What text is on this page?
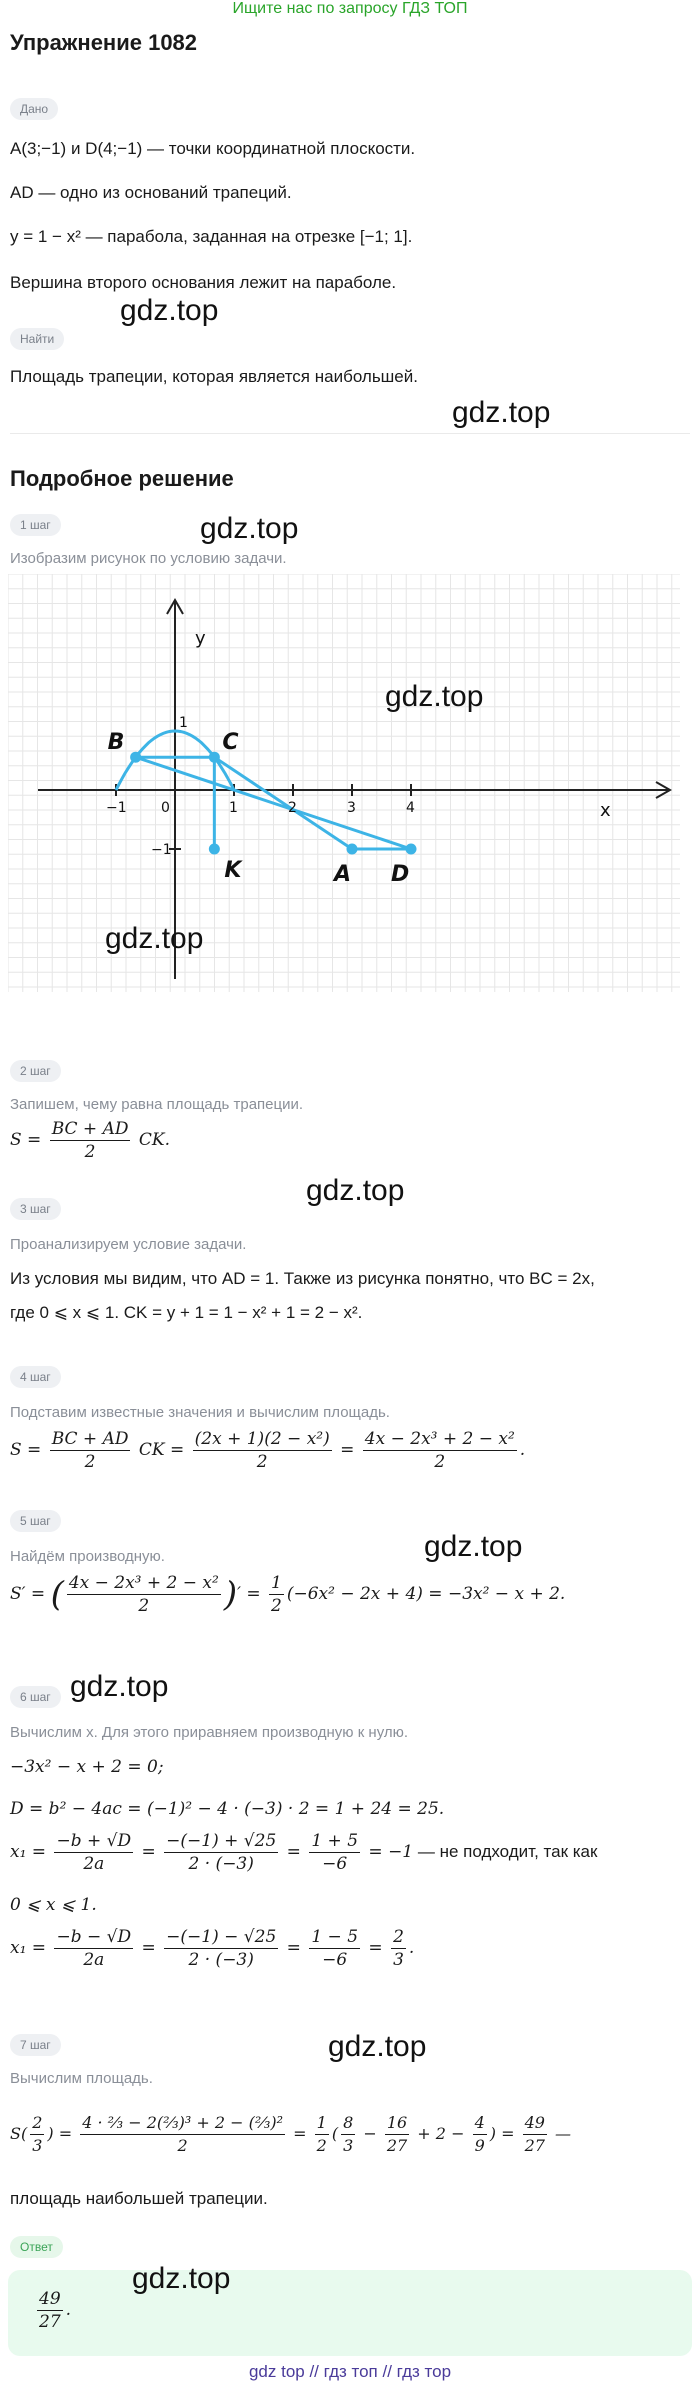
Ищите нас по запросу ГДЗ ТОП
Упражнение 1082
Дано
A(3;−1) и D(4;−1) — точки координатной плоскости.
AD — одно из оснований трапеций.
y = 1 − x² — парабола, заданная на отрезке [−1; 1].
Вершина второго основания лежит на параболе.
Найти
Площадь трапеции, которая является наибольшей.
Подробное решение
gdz.top
gdz.top
gdz.top
1 шаг
Изобразим рисунок по условию задачи.
−1 0	1	2	3	4
1
−1
x
y
B	C
K	A D
gdz.top
gdz.top
2 шаг
Запишем, чему равна площадь трапеции.
$S = \frac{BC + AD}{2}$ CK.
gdz.top
3 шаг
Проанализируем условие задачи.
Из условия мы видим, что AD = 1. Также из рисунка понятно, что BC = 2x,
где 0 ⩽ x ⩽ 1. CK = y + 1 = 1 − x² + 1 = 2 − x².
4 шаг
Подставим известные значения и вычислим площадь.
$S = \frac{BC + AD}{2}$ CK = $\frac{\text{(2x + 1)(2 − x²)}}{2} = \frac{\text{4x − 2x³ + 2 − x²}}{2}$ .
5 шаг
Найдём производную.	gdz.top
S′ = ( $\frac{\text{4x − 2x³ + 2 − x²}}{2}$ )′ = $\frac{1}{2} (-6x^2 - 2x + 4) = -3x^2 - x + 2$.
6 шаг gdz.top
Вычислим x. Для этого приравняем производную к нулю.
−3x² − x + 2 = 0;
D = b² − 4ac = (−1)² − 4 · (−3) · 2 = 1 + 24 = 25.
$x_1 = \frac{-b + √D}{2a} = \frac{-(-1) + √25}{2 \cdot (-3)} = \frac{1 + 5}{-6} = -1$ — не подходит, так как
0 ⩽ x ⩽ 1.
$x_1 = \frac{-b - √D}{2a} = \frac{-(-1) - √25}{2 \cdot (-3)} = \frac{1 - 5}{-6} = \frac{2}{3}$ .
7 шаг	gdz.top
Вычислим площадь.
$S( \frac{2}{3}$ ) = $\frac{\text{4 · ⅔ − 2(⅔)³ + 2 − (⅔)²}}{2} = \frac{1}{2}$ ( $\frac{8}{3} - \frac{16}{27} + 2 - \frac{4}{9}$ ) = $\frac{49}{27}$ —
площадь наибольшей трапеции.
Ответ
$\frac{49}{27}$ .
gdz.top
gdz top // гдз топ // гдз тор
